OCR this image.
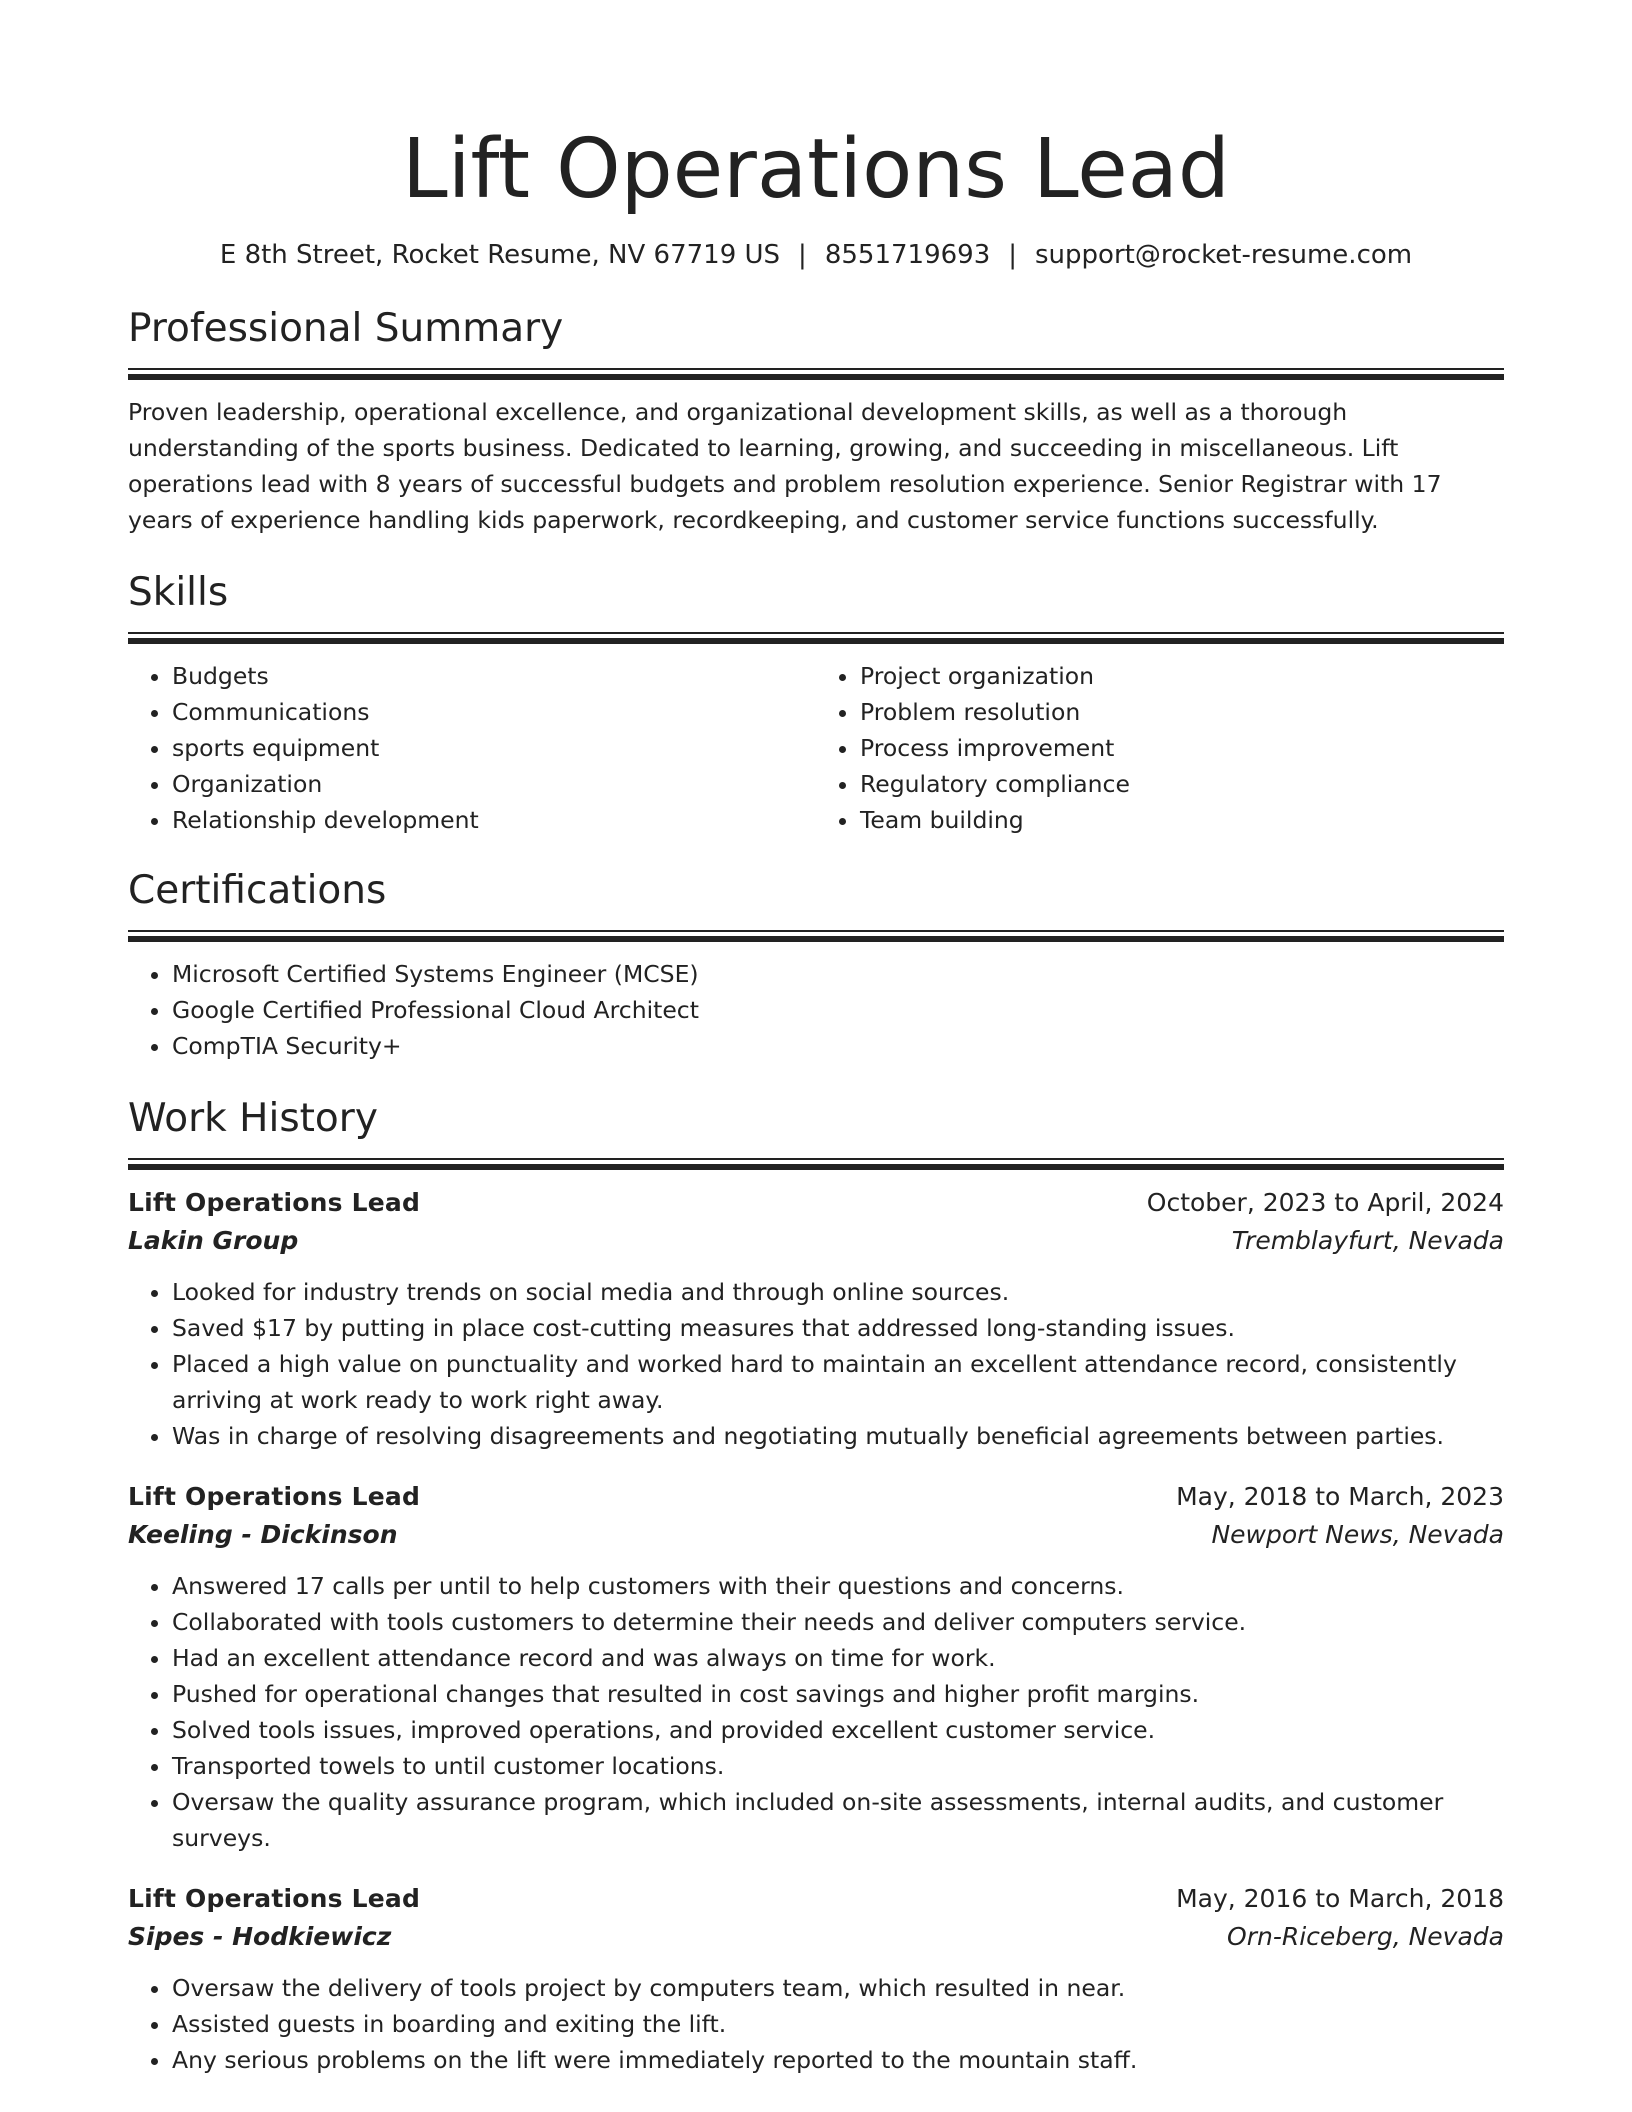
Lift Operations Lead
E 8th Street, Rocket Resume, NV 67719 US | 8551719693 | support@rocket-resume.com
Professional Summary

Proven leadership, operational excellence, and organizational development skills, as well as a thorough understanding of the sports business. Dedicated to learning, growing, and succeeding in miscellaneous. Lift operations lead with 8 years of successful budgets and problem resolution experience. Senior Registrar with 17 years of experience handling kids paperwork, recordkeeping, and customer service functions successfully.

Skills
• Budgets
• Communications
• sports equipment
• Organization
• Relationship development
• Project organization
• Problem resolution
• Process improvement
• Regulatory compliance
• Team building
Certifications
• Microsoft Certified Systems Engineer (MCSE)
• Google Certified Professional Cloud Architect
• CompTIA Security+
Work History
Lift Operations Lead	October, 2023 to April, 2024
Lakin Group	Tremblayfurt, Nevada
• Looked for industry trends on social media and through online sources.
• Saved $17 by putting in place cost-cutting measures that addressed long-standing issues.
• Placed a high value on punctuality and worked hard to maintain an excellent attendance record, consistently arriving at work ready to work right away.
• Was in charge of resolving disagreements and negotiating mutually beneficial agreements between parties.
Lift Operations Lead	May, 2018 to March, 2023
Keeling - Dickinson	Newport News, Nevada
• Answered 17 calls per until to help customers with their questions and concerns.
• Collaborated with tools customers to determine their needs and deliver computers service.
• Had an excellent attendance record and was always on time for work.
• Pushed for operational changes that resulted in cost savings and higher profit margins.
• Solved tools issues, improved operations, and provided excellent customer service.
• Transported towels to until customer locations.
• Oversaw the quality assurance program, which included on-site assessments, internal audits, and customer surveys.
Lift Operations Lead	May, 2016 to March, 2018
Sipes - Hodkiewicz	Orn-Riceberg, Nevada
• Oversaw the delivery of tools project by computers team, which resulted in near.
• Assisted guests in boarding and exiting the lift.
• Any serious problems on the lift were immediately reported to the mountain staff.
